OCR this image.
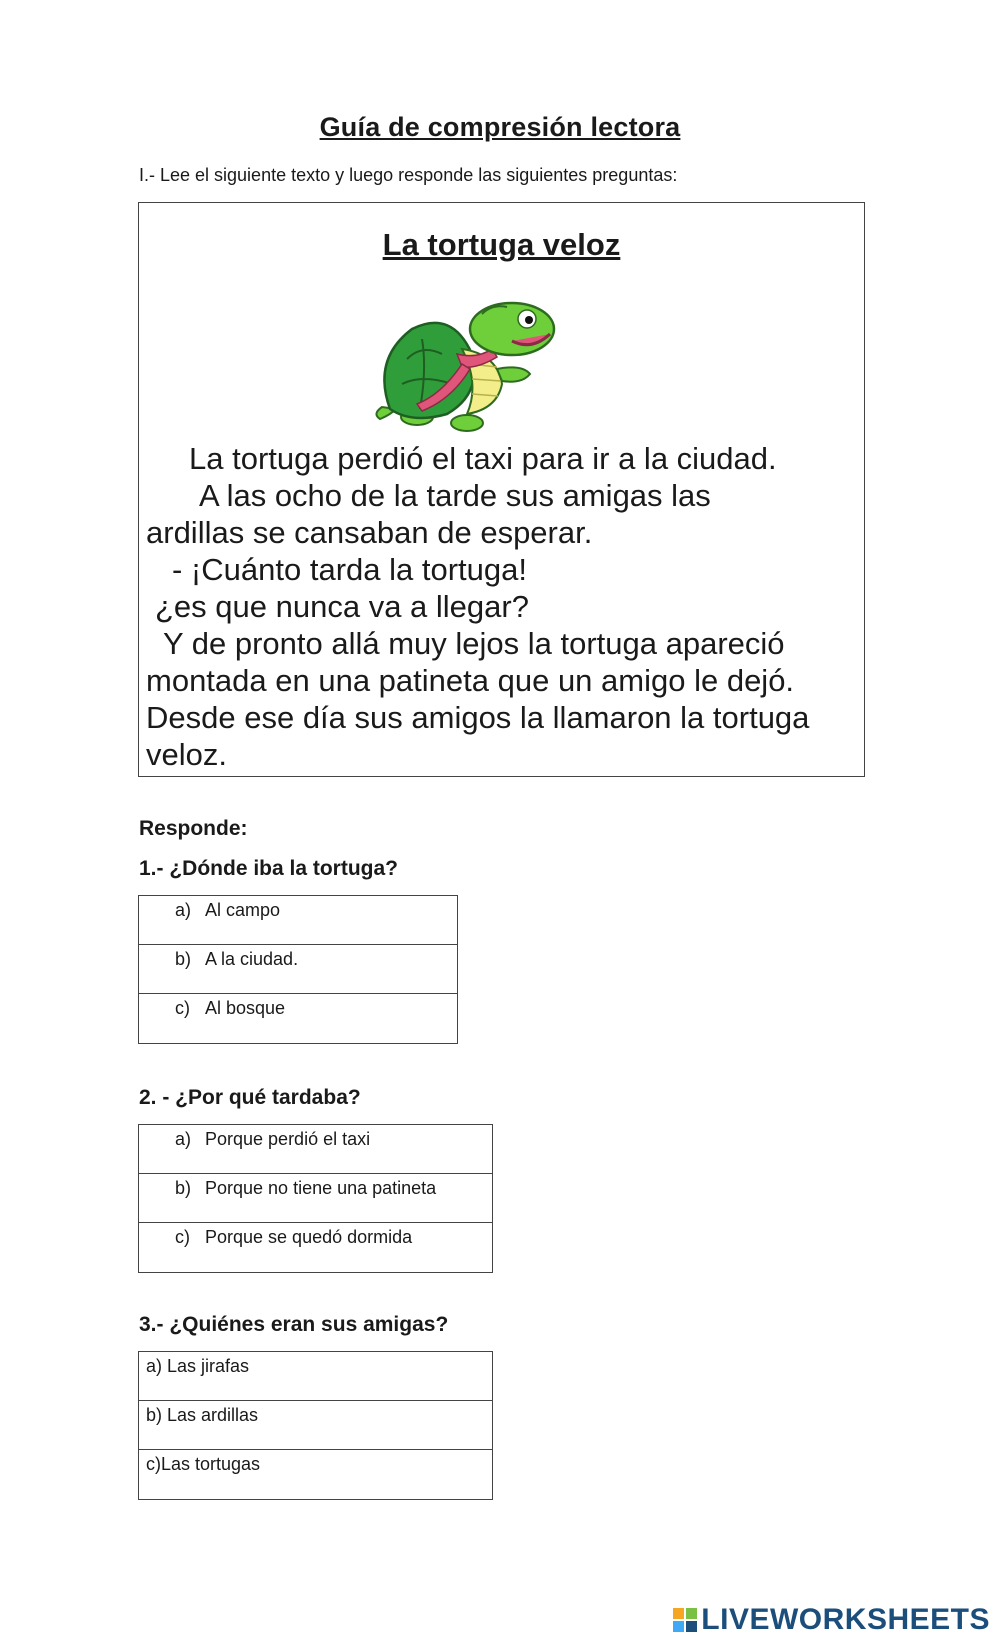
Guía de compresión lectora
I.- Lee el siguiente texto y luego responde las siguientes preguntas:
La tortuga veloz
La tortuga perdió el taxi para ir a la ciudad.
A las ocho de la tarde sus amigas las
ardillas se cansaban de esperar.
- ¡Cuánto tarda la tortuga!
¿es que nunca va a llegar?
Y de pronto allá muy lejos la tortuga apareció
montada en una patineta que un amigo le dejó.
Desde ese día sus amigos la llamaron la tortuga
veloz.
Responde:
1.- ¿Dónde iba la tortuga?
a) Al campo
b) A la ciudad.
c) Al bosque
2. - ¿Por qué tardaba?
a) Porque perdió el taxi
b) Porque no tiene una patineta
c) Porque se quedó dormida
3.- ¿Quiénes eran sus amigas?
a) Las jirafas
b) Las ardillas
c)Las tortugas
LIVEWORKSHEETS
